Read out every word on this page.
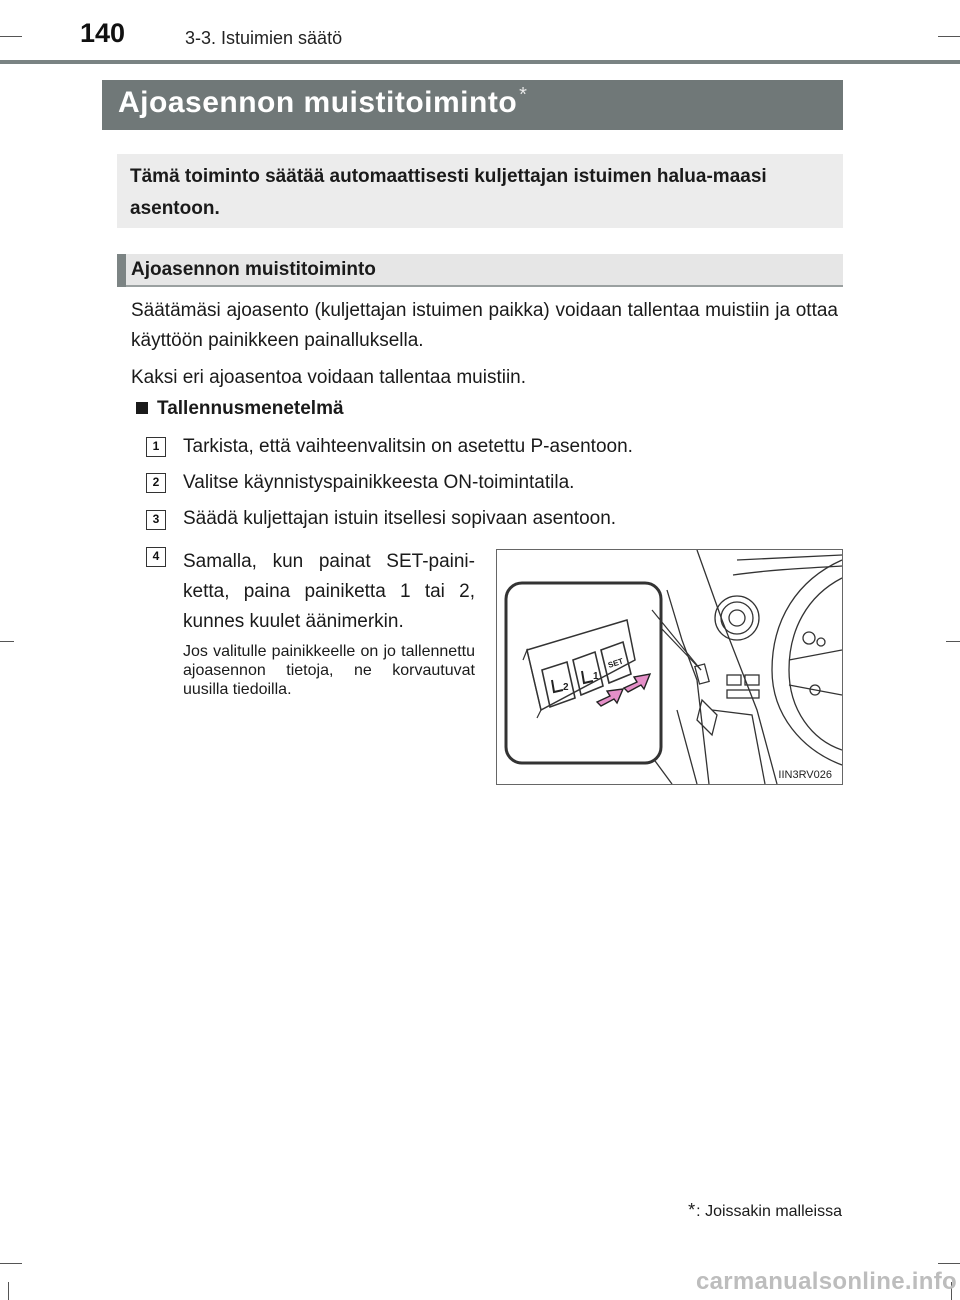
140	3-3. Istuimien säätö
Ajoasennon muistitoiminto *
Tämä toiminto säätää automaattisesti kuljettajan istuimen halua-maasi asentoon.
Ajoasennon muistitoiminto
Säätämäsi ajoasento (kuljettajan istuimen paikka) voidaan tallentaa muistiin ja ottaa käyttöön painikkeen painalluksella.
Kaksi eri ajoasentoa voidaan tallentaa muistiin.
Tallennusmenetelmä
1	Tarkista, että vaihteenvalitsin on asetettu P-asentoon.
2	Valitse käynnistyspainikkeesta ON-toimintatila.
3	Säädä kuljettajan istuin itsellesi sopivaan asentoon.
4	Samalla, kun painat SET-paini-ketta, paina painiketta 1 tai 2, kunnes kuulet äänimerkin.
Jos valitulle painikkeelle on jo tallennettu ajoasennon tietoja, ne korvautuvat uusilla tiedoilla.	2
1
SET
IIN3RV026
*: Joissakin malleissa
carmanualsonline.info
